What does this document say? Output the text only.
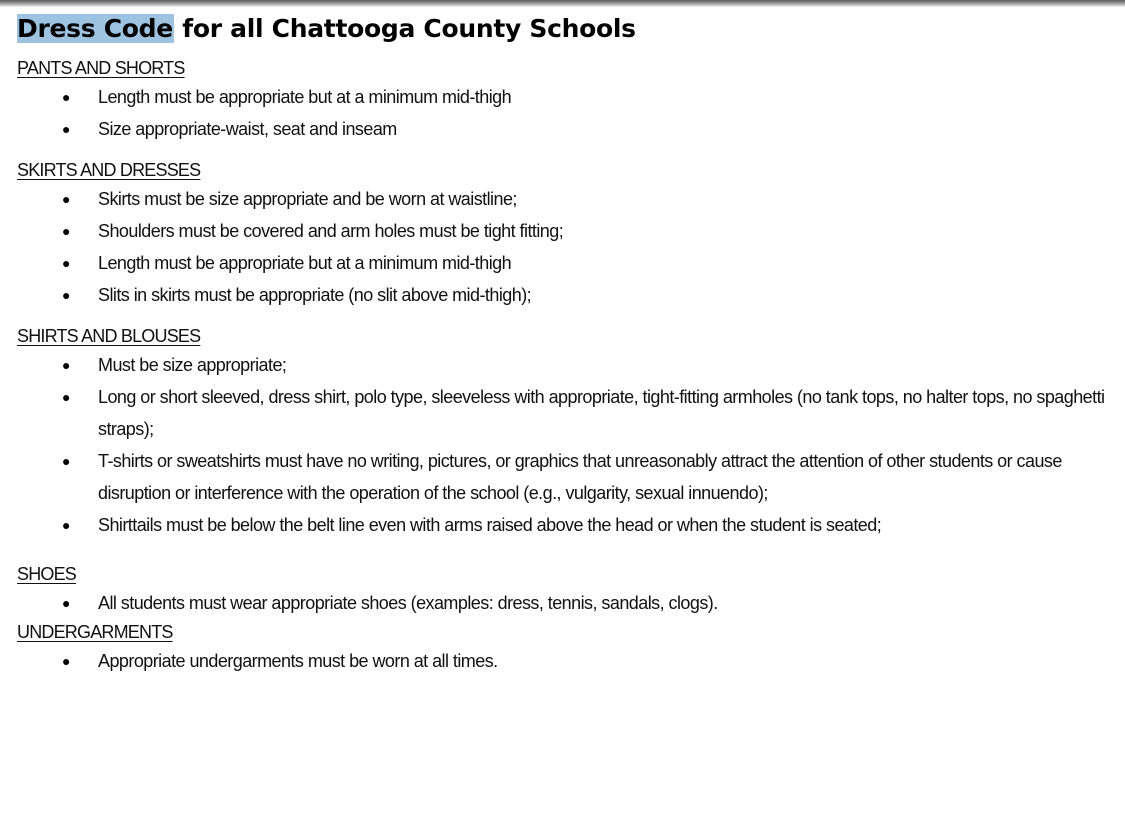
Dress Code for all Chattooga County Schools

PANTS AND SHORTS

● Length must be appropriate but at a minimum mid-thigh
● Size appropriate-waist, seat and inseam

SKIRTS AND DRESSES

● Skirts must be size appropriate and be worn at waistline;
● Shoulders must be covered and arm holes must be tight fitting;
● Length must be appropriate but at a minimum mid-thigh
● Slits in skirts must be appropriate (no slit above mid-thigh);

SHIRTS AND BLOUSES

● Must be size appropriate;
● Long or short sleeved, dress shirt, polo type, sleeveless with appropriate, tight-fitting armholes (no tank tops, no halter tops, no spaghetti straps);
● T-shirts or sweatshirts must have no writing, pictures, or graphics that unreasonably attract the attention of other students or cause disruption or interference with the operation of the school (e.g., vulgarity, sexual innuendo);
● Shirttails must be below the belt line even with arms raised above the head or when the student is seated;

SHOES

● All students must wear appropriate shoes (examples: dress, tennis, sandals, clogs).

UNDERGARMENTS

● Appropriate undergarments must be worn at all times.
